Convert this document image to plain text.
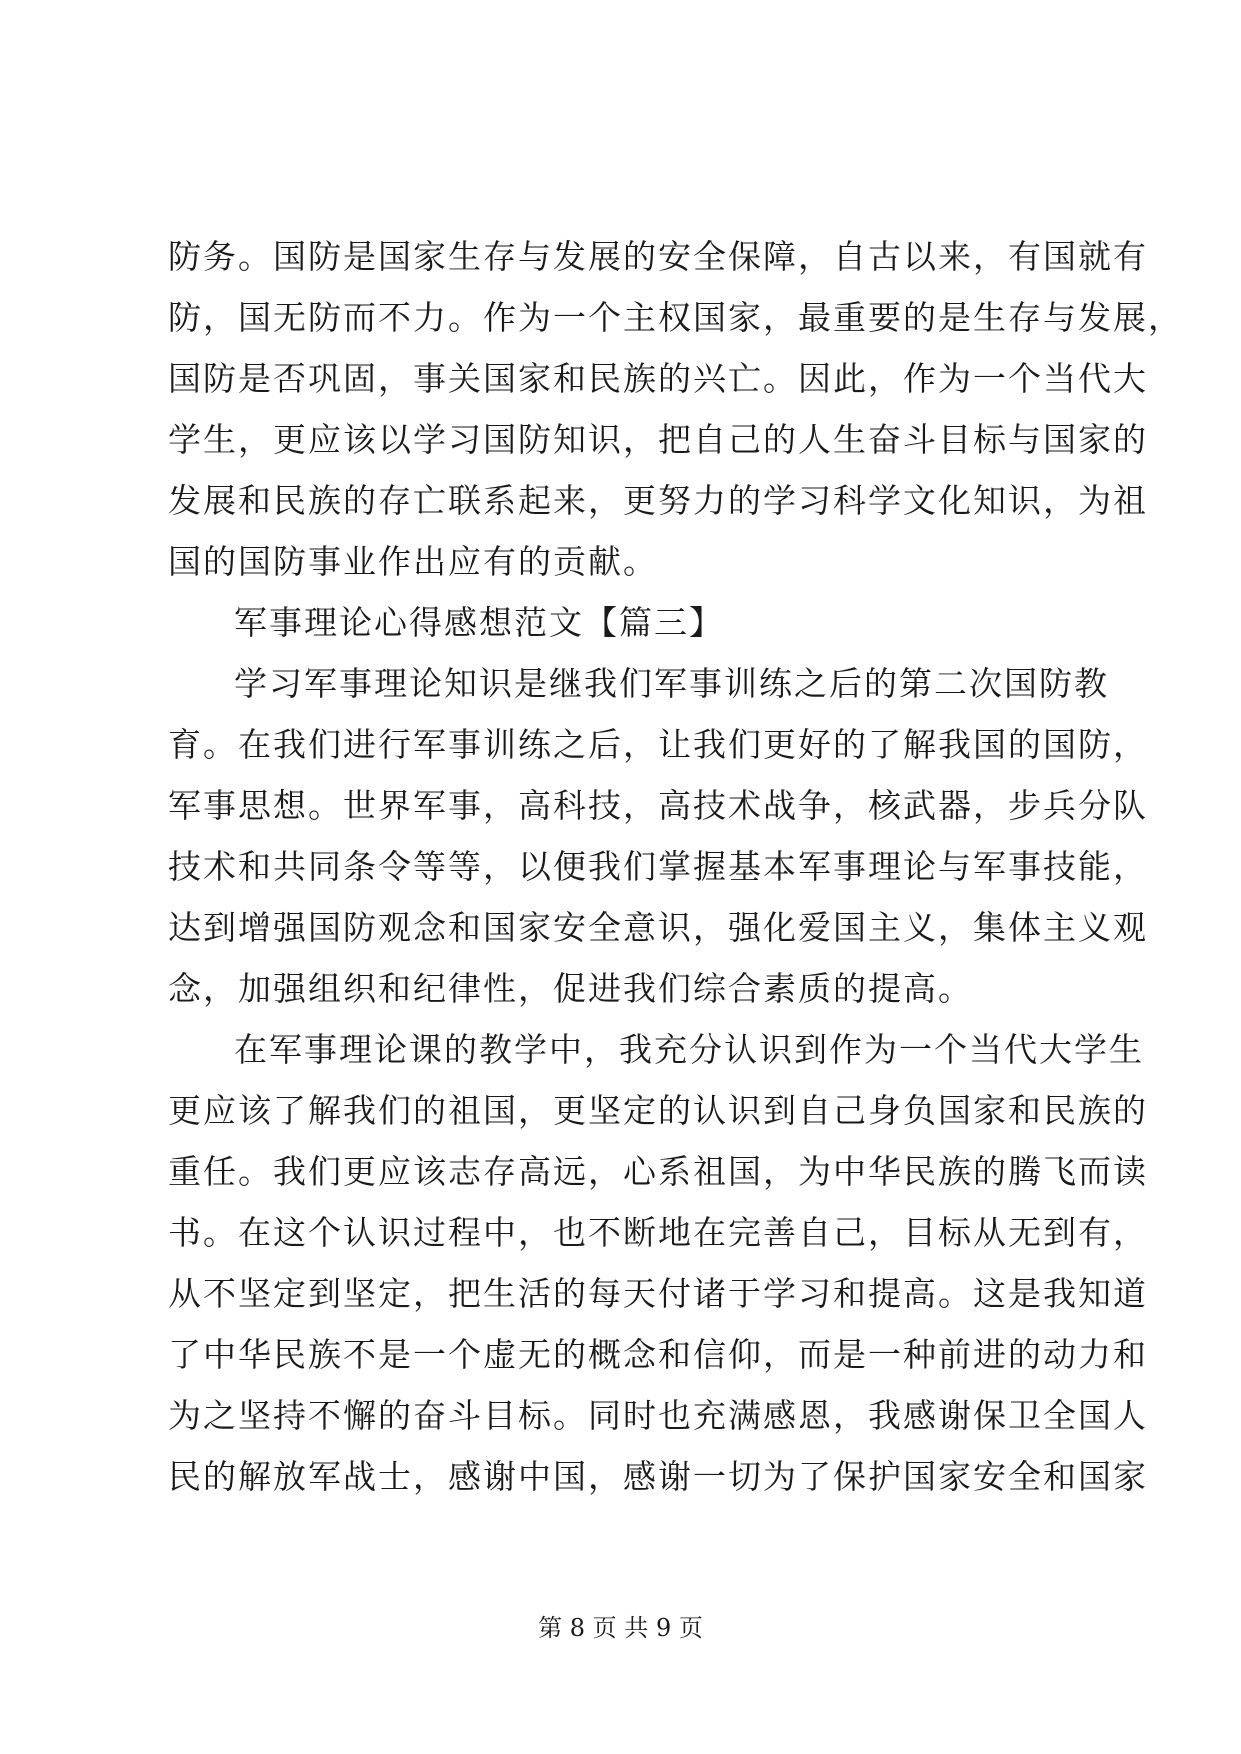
防务。国防是国家生存与发展的安全保障，自古以来，有国就有
防，国无防而不力。作为一个主权国家，最重要的是生存与发展，
国防是否巩固，事关国家和民族的兴亡。因此，作为一个当代大
学生，更应该以学习国防知识，把自己的人生奋斗目标与国家的
发展和民族的存亡联系起来，更努力的学习科学文化知识，为祖
国的国防事业作出应有的贡献。
军事理论心得感想范文【篇三】
学习军事理论知识是继我们军事训练之后的第二次国防教
育。在我们进行军事训练之后，让我们更好的了解我国的国防，
军事思想。世界军事，高科技，高技术战争，核武器，步兵分队
技术和共同条令等等，以便我们掌握基本军事理论与军事技能，
达到增强国防观念和国家安全意识，强化爱国主义，集体主义观
念，加强组织和纪律性，促进我们综合素质的提高。
在军事理论课的教学中，我充分认识到作为一个当代大学生
更应该了解我们的祖国，更坚定的认识到自己身负国家和民族的
重任。我们更应该志存高远，心系祖国，为中华民族的腾飞而读
书。在这个认识过程中，也不断地在完善自己，目标从无到有，
从不坚定到坚定，把生活的每天付诸于学习和提高。这是我知道
了中华民族不是一个虚无的概念和信仰，而是一种前进的动力和
为之坚持不懈的奋斗目标。同时也充满感恩，我感谢保卫全国人
民的解放军战士，感谢中国，感谢一切为了保护国家安全和国家
第 8 页 共 9 页
